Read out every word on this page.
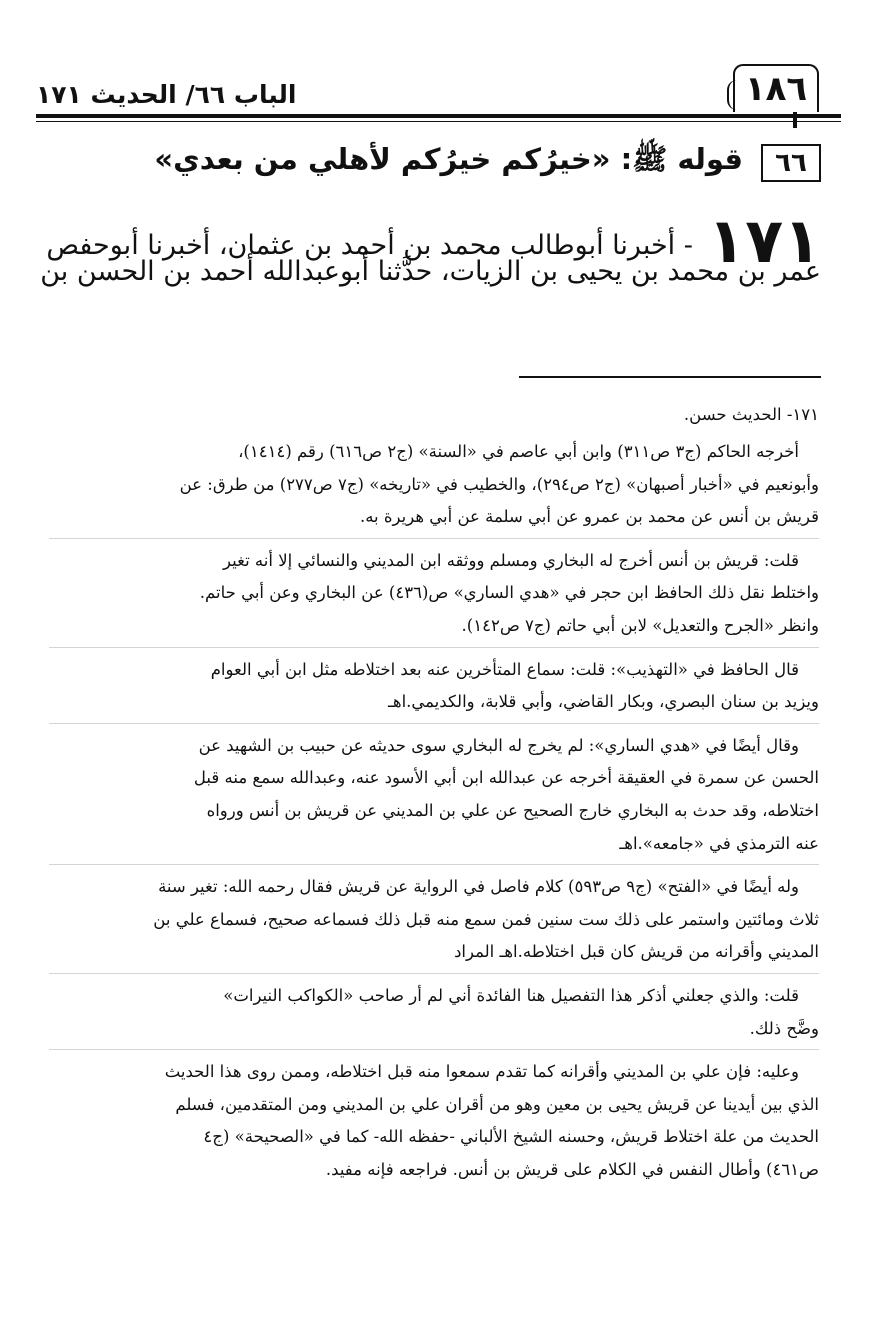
١٨٦
الباب ٦٦/ الحديث ١٧١
٦٦
قوله ﷺ: «خيرُكم خيرُكم لأهلي من بعدي»
١٧١ - أخبرنا أبوطالب محمد بن أحمد بن عثمان، أخبرنا أبوحفص
عمر بن محمد بن يحيى بن الزيات، حدَّثنا أبوعبدالله أحمد بن الحسن بن
١٧١- الحديث حسن.
أخرجه الحاكم (ج٣ ص٣١١) وابن أبي عاصم في «السنة» (ج٢ ص٦١٦) رقم (١٤١٤)،
وأبونعيم في «أخبار أصبهان» (ج٢ ص٢٩٤)، والخطيب في «تاريخه» (ج٧ ص٢٧٧) من طرق: عن
قريش بن أنس عن محمد بن عمرو عن أبي سلمة عن أبي هريرة به.
قلت: قريش بن أنس أخرج له البخاري ومسلم ووثقه ابن المديني والنسائي إلا أنه تغير
واختلط نقل ذلك الحافظ ابن حجر في «هدي الساري» ص(٤٣٦) عن البخاري وعن أبي حاتم.
وانظر «الجرح والتعديل» لابن أبي حاتم (ج٧ ص١٤٢).
قال الحافظ في «التهذيب»: قلت: سماع المتأخرين عنه بعد اختلاطه مثل ابن أبي العوام
ويزيد بن سنان البصري، وبكار القاضي، وأبي قلابة، والكديمي.اهـ
وقال أيضًا في «هدي الساري»: لم يخرج له البخاري سوى حديثه عن حبيب بن الشهيد عن
الحسن عن سمرة في العقيقة أخرجه عن عبدالله ابن أبي الأسود عنه، وعبدالله سمع منه قبل
اختلاطه، وقد حدث به البخاري خارج الصحيح عن علي بن المديني عن قريش بن أنس ورواه
عنه الترمذي في «جامعه».اهـ
وله أيضًا في «الفتح» (ج٩ ص٥٩٣) كلام فاصل في الرواية عن قريش فقال رحمه الله: تغير سنة
ثلاث ومائتين واستمر على ذلك ست سنين فمن سمع منه قبل ذلك فسماعه صحيح، فسماع علي بن
المديني وأقرانه من قريش كان قبل اختلاطه.اهـ المراد
قلت: والذي جعلني أذكر هذا التفصيل هنا الفائدة أني لم أر صاحب «الكواكب النيرات»
وضَّح ذلك.
وعليه: فإن علي بن المديني وأقرانه كما تقدم سمعوا منه قبل اختلاطه، وممن روى هذا الحديث
الذي بين أيدينا عن قريش يحيى بن معين وهو من أقران علي بن المديني ومن المتقدمين، فسلم
الحديث من علة اختلاط قريش، وحسنه الشيخ الألباني -حفظه الله- كما في «الصحيحة» (ج٤
ص٤٦١) وأطال النفس في الكلام على قريش بن أنس. فراجعه فإنه مفيد.
